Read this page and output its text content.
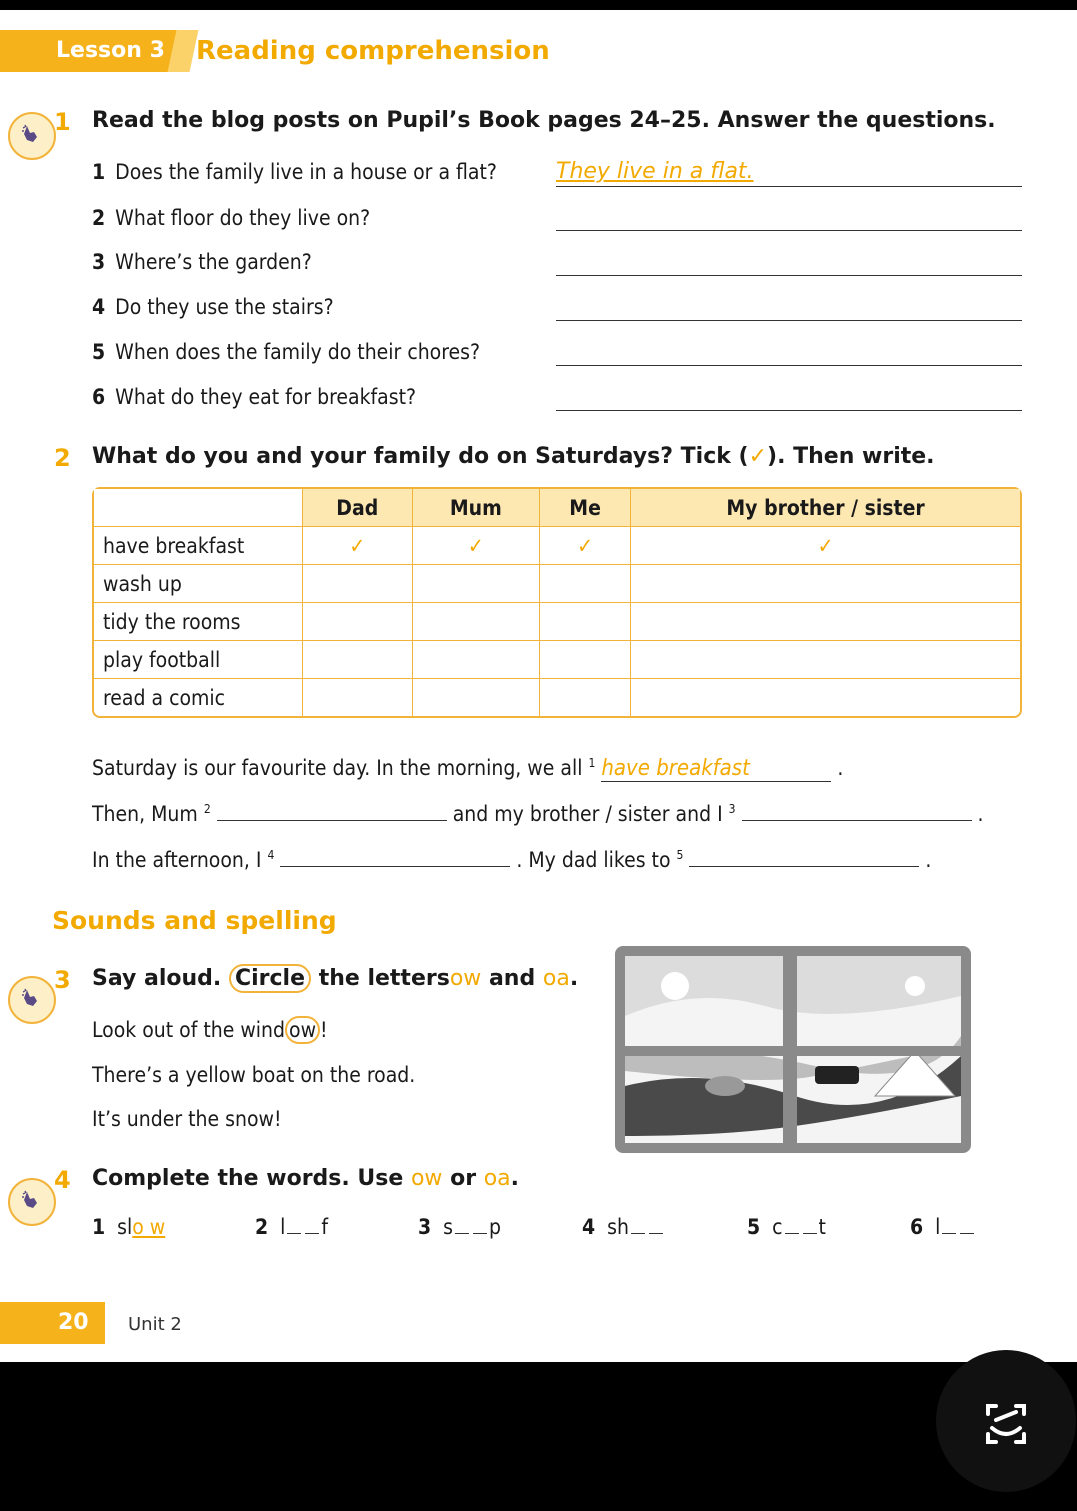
Lesson 3 Reading comprehension
1 Read the blog posts on Pupil’s Book pages 24–25. Answer the questions.
1 Does the family live in a house or a flat?	They live in a flat.
2 What floor do they live on?
3 Where’s the garden?
4 Do they use the stairs?
5 When does the family do their chores?
6 What do they eat for breakfast?
2 What do you and your family do on Saturdays? Tick (✓). Then write.
	Dad	Mum	Me	My brother / sister
have breakfast	✓	✓	✓	✓
wash up				
tidy the rooms				
play football				
read a comic				
Saturday is our favourite day. In the morning, we all $^1$ have breakfast	.
Then, Mum $^2$	and my brother / sister and I $^3$	.
In the afternoon, I $^4$	. My dad likes to $^5$	.
Sounds and spelling
3 Say aloud. Circle the lettersow and oa.
Look out of the wind ow !
There’s a yellow boat on the road.
It’s under the snow!
4 Complete the words. Use ow or oa.
1 slo w	2 l f	3 s p	4 sh	5 c t	6 l
20 Unit 2
